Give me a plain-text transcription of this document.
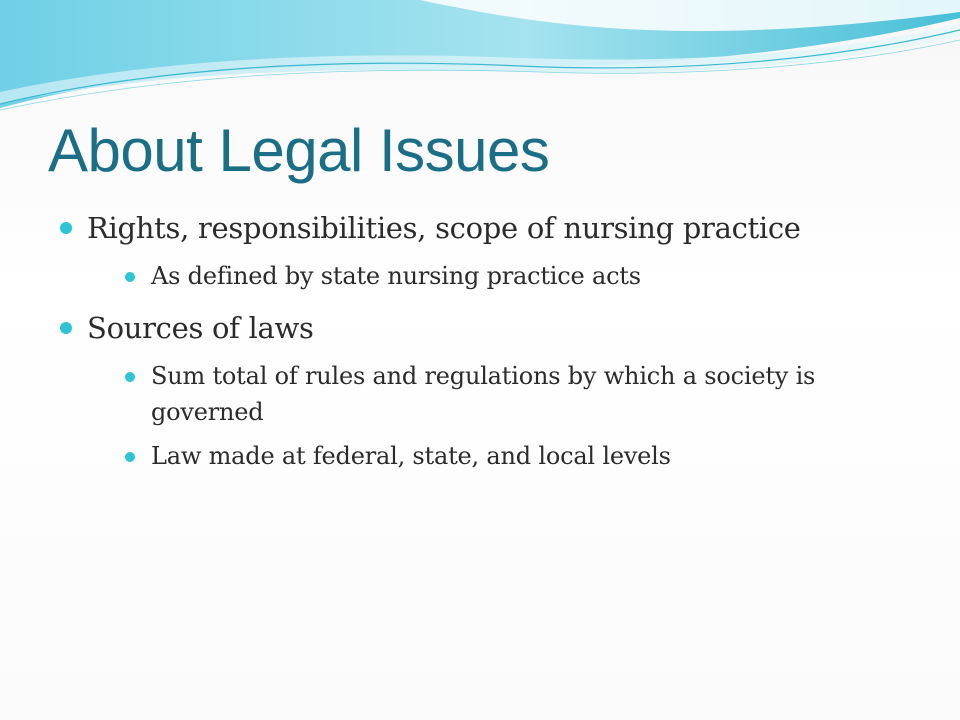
About Legal Issues
Rights, responsibilities, scope of nursing practice
As defined by state nursing practice acts
Sources of laws
Sum total of rules and regulations by which a society is governed
Law made at federal, state, and local levels
